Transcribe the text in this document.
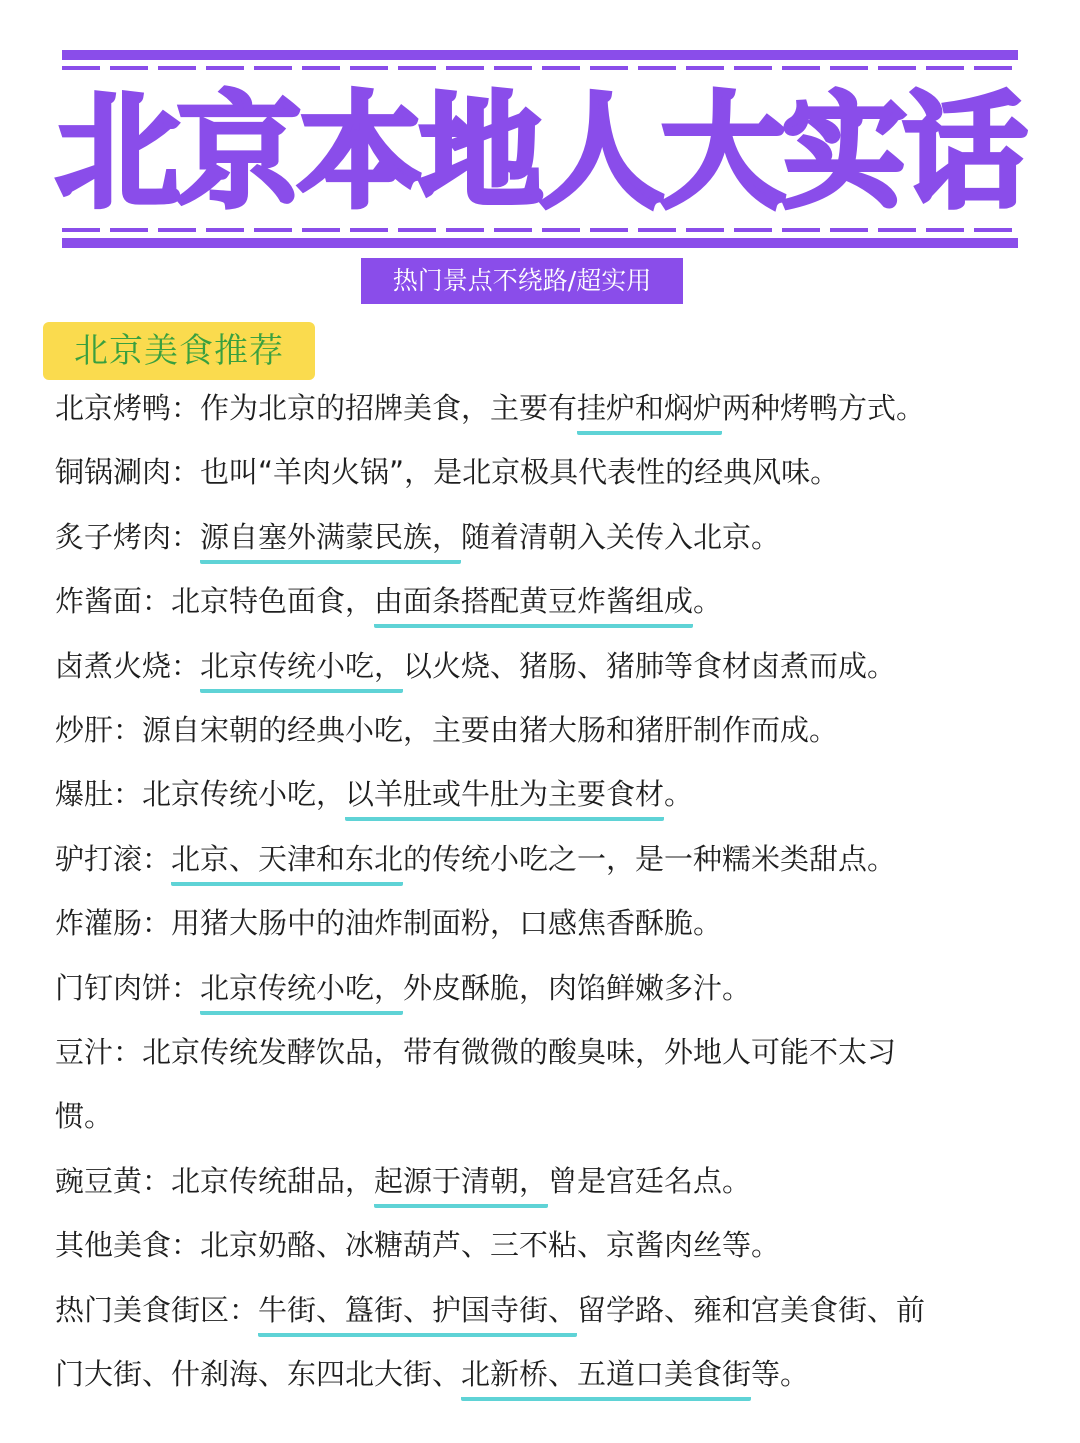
北京本地人大实话
热门景点不绕路/超实用
北京美食推荐
北京烤鸭：作为北京的招牌美食，主要有挂炉和焖炉两种烤鸭方式。
铜锅涮肉：也叫“羊肉火锅”，是北京极具代表性的经典风味。
炙子烤肉：源自塞外满蒙民族，随着清朝入关传入北京。
炸酱面：北京特色面食，由面条搭配黄豆炸酱组成。
卤煮火烧：北京传统小吃，以火烧、猪肠、猪肺等食材卤煮而成。
炒肝：源自宋朝的经典小吃，主要由猪大肠和猪肝制作而成。
爆肚：北京传统小吃，以羊肚或牛肚为主要食材。
驴打滚：北京、天津和东北的传统小吃之一，是一种糯米类甜点。
炸灌肠：用猪大肠中的油炸制面粉，口感焦香酥脆。
门钉肉饼：北京传统小吃，外皮酥脆，肉馅鲜嫩多汁。
豆汁：北京传统发酵饮品，带有微微的酸臭味，外地人可能不太习
惯。
豌豆黄：北京传统甜品，起源于清朝，曾是宫廷名点。
其他美食：北京奶酪、冰糖葫芦、三不粘、京酱肉丝等。
热门美食街区：牛街、簋街、护国寺街、留学路、雍和宫美食街、前
门大街、什刹海、东四北大街、北新桥、五道口美食街等。
